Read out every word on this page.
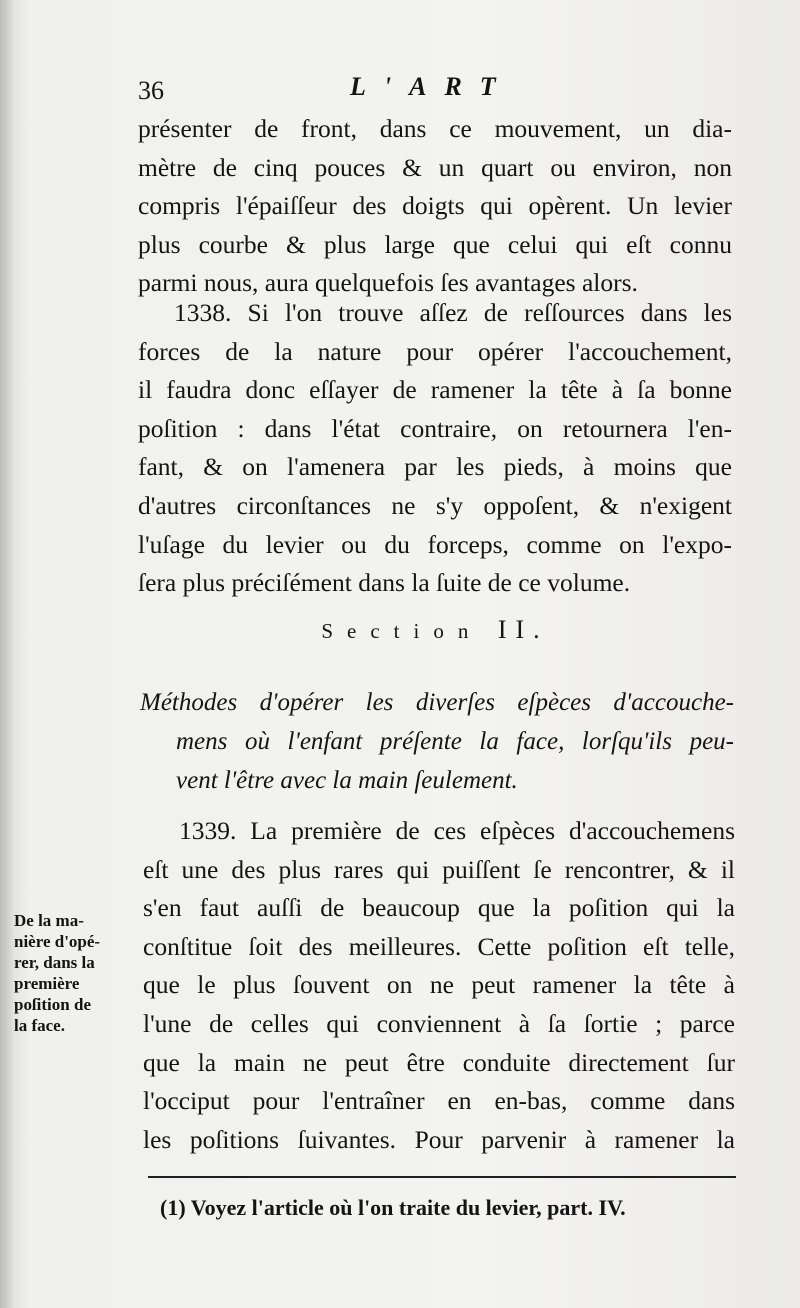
36	L'ART
présenter de front, dans ce mouvement, un dia-
mètre de cinq pouces & un quart ou environ, non
compris l'épaiſſeur des doigts qui opèrent. Un levier
plus courbe & plus large que celui qui eſt connu
parmi nous, aura quelquefois ſes avantages alors.
1338. Si l'on trouve aſſez de reſſources dans les
forces de la nature pour opérer l'accouchement,
il faudra donc eſſayer de ramener la tête à ſa bonne
poſition : dans l'état contraire, on retournera l'en-
fant, & on l'amenera par les pieds, à moins que
d'autres circonſtances ne s'y oppoſent, & n'exigent
l'uſage du levier ou du forceps, comme on l'expo-
ſera plus préciſément dans la ſuite de ce volume.
Section II.
Méthodes d'opérer les diverſes eſpèces d'accouche-
mens où l'enfant préſente la face, lorſqu'ils peu-
vent l'être avec la main ſeulement.
1339. La première de ces eſpèces d'accouchemens
eſt une des plus rares qui puiſſent ſe rencontrer, & il
s'en faut auſſi de beaucoup que la poſition qui la
conſtitue ſoit des meilleures. Cette poſition eſt telle,
que le plus ſouvent on ne peut ramener la tête à
l'une de celles qui conviennent à ſa ſortie ; parce
que la main ne peut être conduite directement ſur
l'occiput pour l'entraîner en en-bas, comme dans
les poſitions ſuivantes. Pour parvenir à ramener la
De la ma-
nière d'opé-
rer, dans la
première
poſition de
la face.
(1) Voyez l'article où l'on traite du levier, part. IV.
